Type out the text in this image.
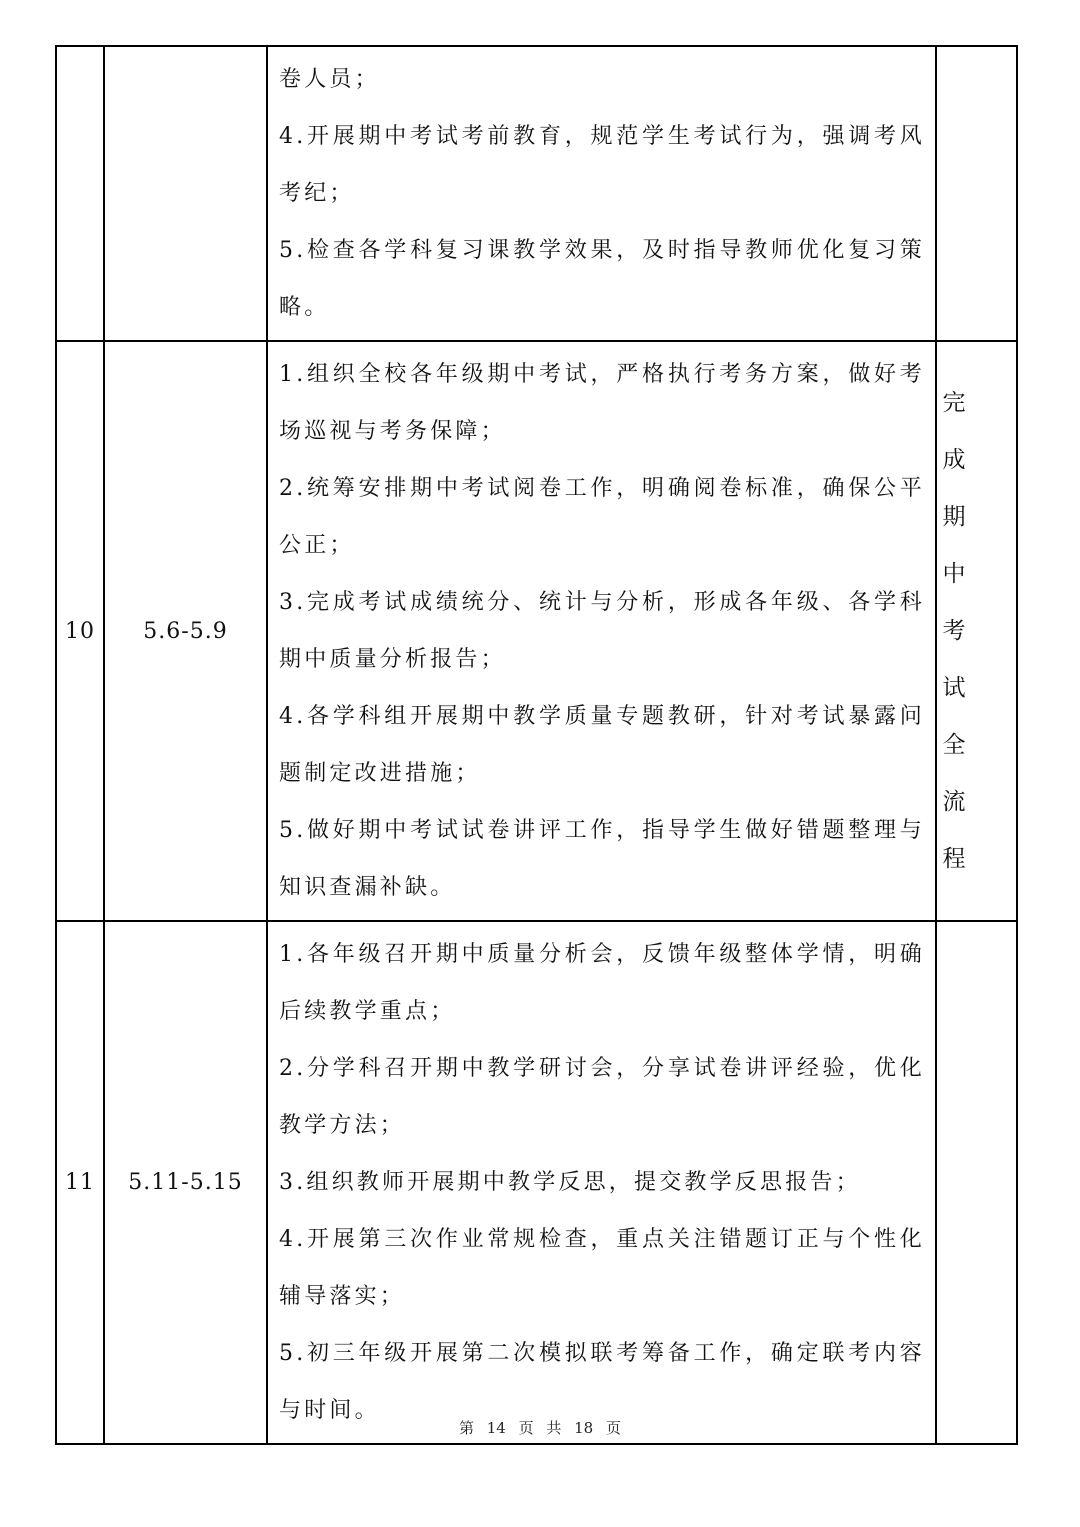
		卷人员；
4.开展期中考试考前教育，规范学生考试行为，强调考风考纪；
5.检查各学科复习课教学效果，及时指导教师优化复习策略。	

10	5.6-5.9	1.组织全校各年级期中考试，严格执行考务方案，做好考场巡视与考务保障；
2.统筹安排期中考试阅卷工作，明确阅卷标准，确保公平公正；
3.完成考试成绩统分、统计与分析，形成各年级、各学科期中质量分析报告；
4.各学科组开展期中教学质量专题教研，针对考试暴露问题制定改进措施；
5.做好期中考试试卷讲评工作，指导学生做好错题整理与知识查漏补缺。	完成期中考试全流程

11	5.11-5.15	1.各年级召开期中质量分析会，反馈年级整体学情，明确后续教学重点；
2.分学科召开期中教学研讨会，分享试卷讲评经验，优化教学方法；
3.组织教师开展期中教学反思，提交教学反思报告；
4.开展第三次作业常规检查，重点关注错题订正与个性化辅导落实；
5.初三年级开展第二次模拟联考筹备工作，确定联考内容与时间。	

第 14 页 共 18 页
